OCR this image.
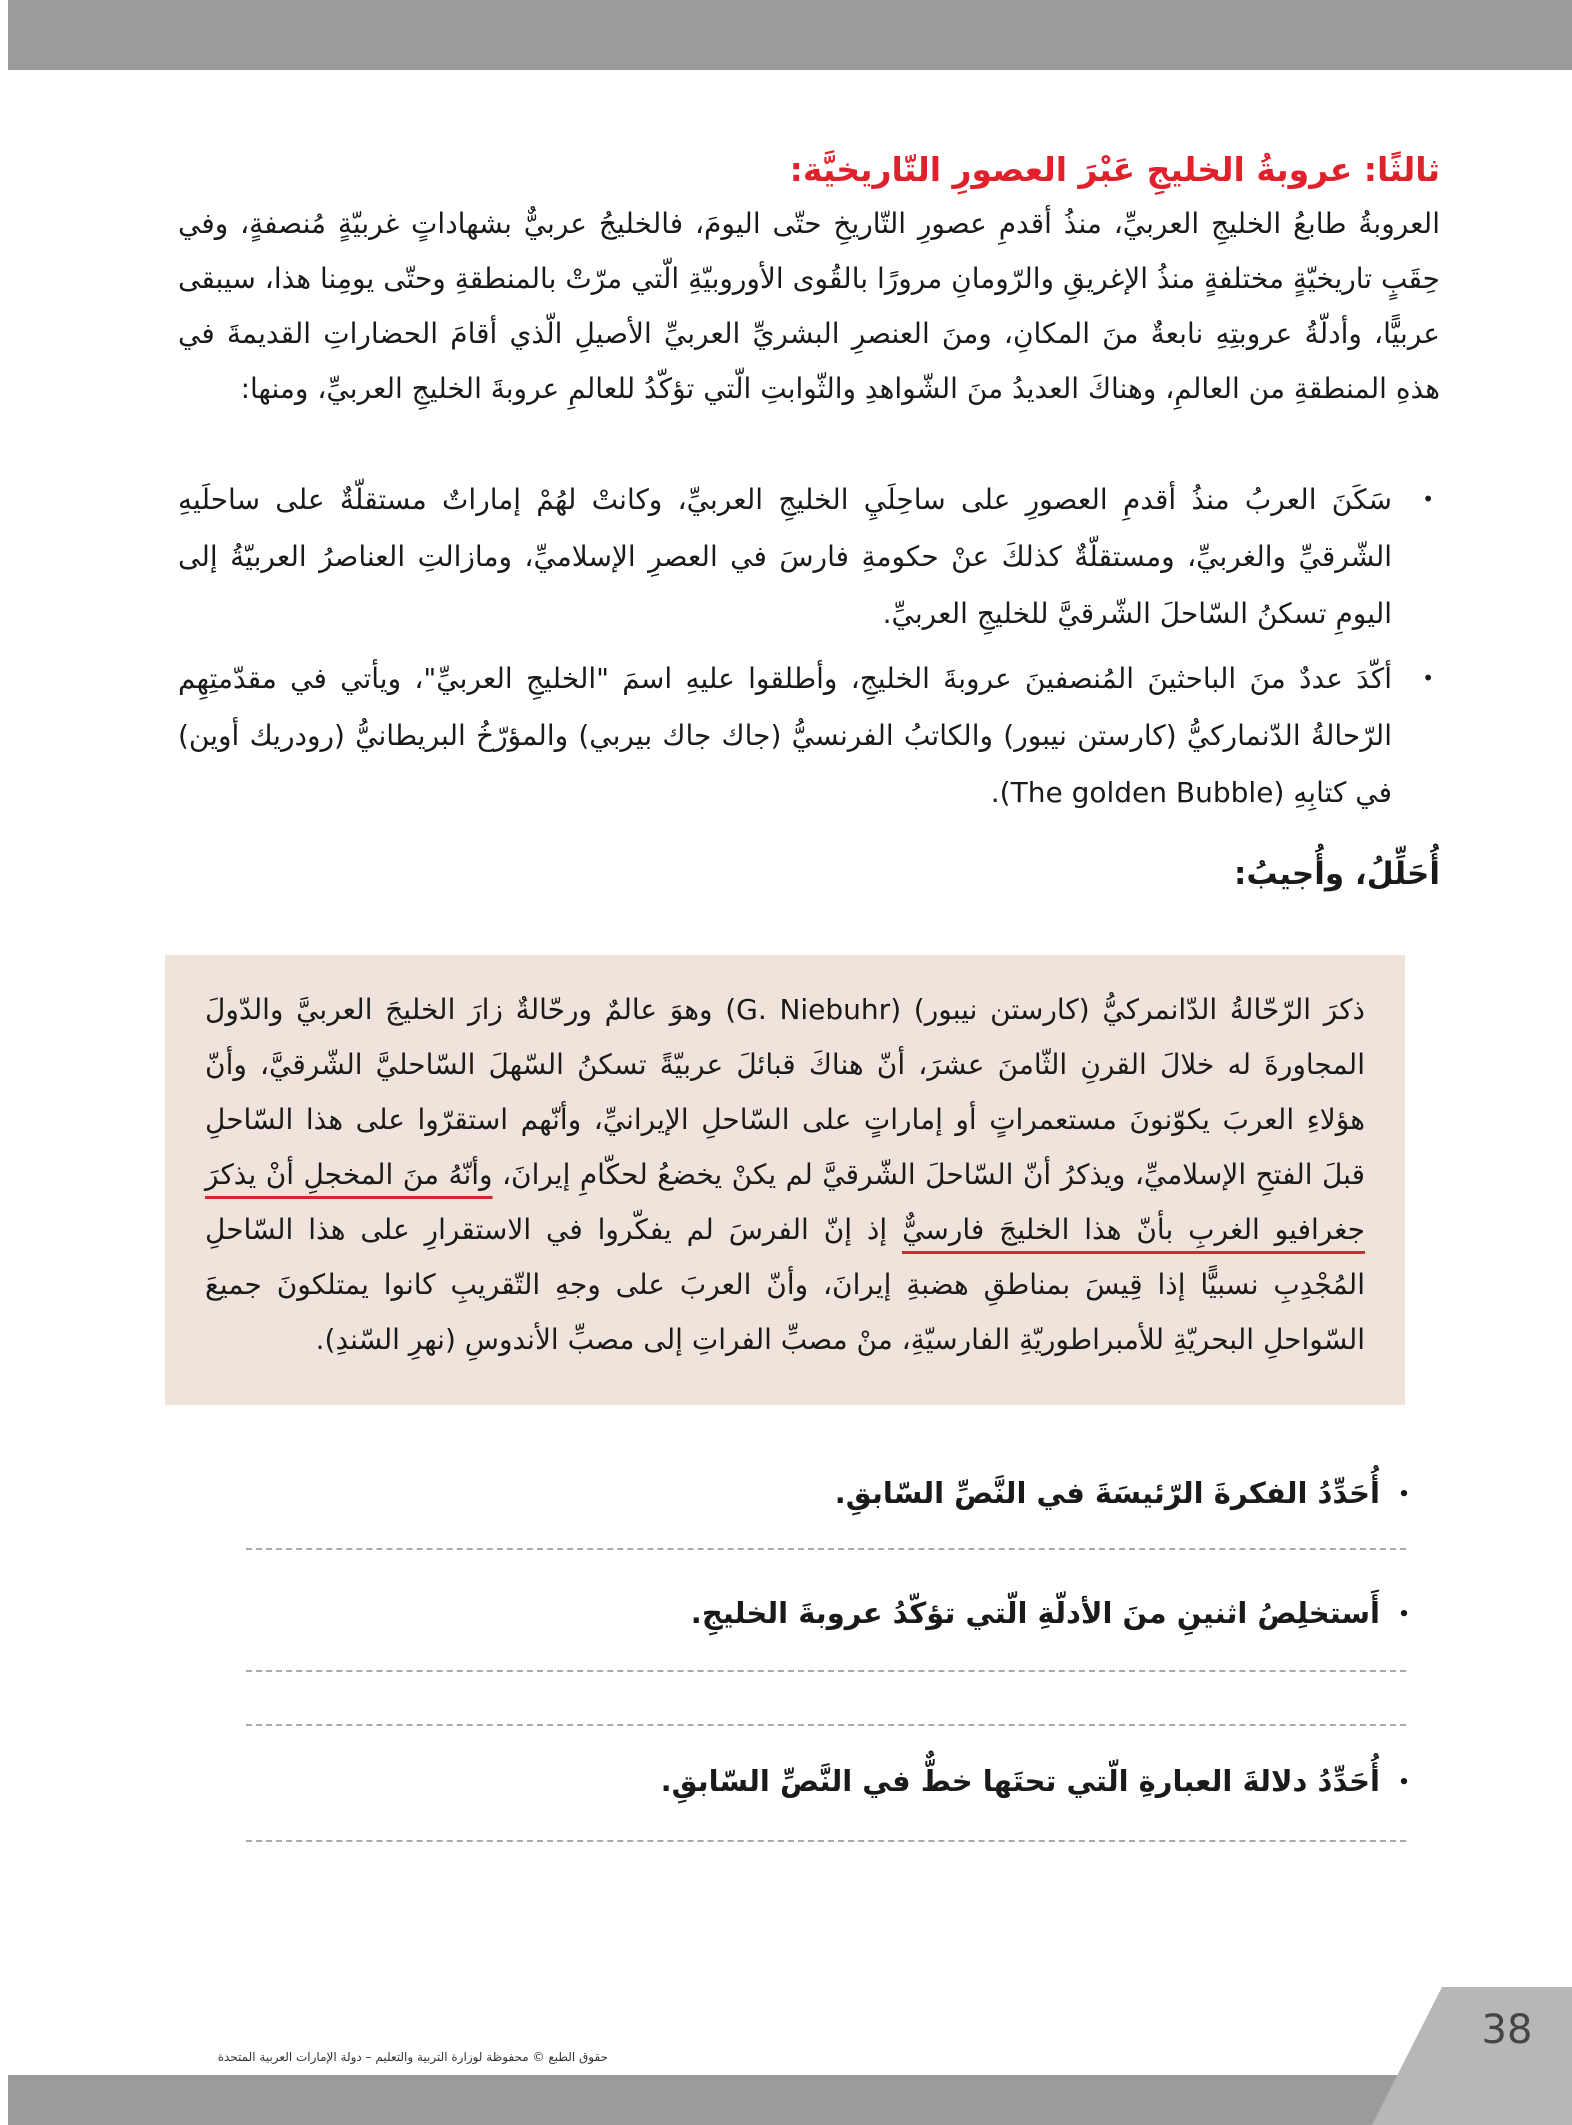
ثالثًا: عروبةُ الخليجِ عَبْرَ العصورِ التّاريخيَّة:
العروبةُ طابعُ الخليجِ العربيِّ، منذُ أقدمِ عصورِ التّاريخِ حتّى اليومَ، فالخليجُ عربيٌّ بشهاداتٍ غربيّةٍ مُنصفةٍ، وفي حِقَبٍ تاريخيّةٍ مختلفةٍ منذُ الإغريقِ والرّومانِ مرورًا بالقُوى الأوروبيّةِ الّتي مرّتْ بالمنطقةِ وحتّى يومِنا هذا، سيبقى عربيًّا، وأدلّةُ عروبتِهِ نابعةٌ منَ المكانِ، ومنَ العنصرِ البشريِّ العربيِّ الأصيلِ الّذي أقامَ الحضاراتِ القديمةَ في هذهِ المنطقةِ من العالمِ، وهناكَ العديدُ منَ الشّواهدِ والثّوابتِ الّتي تؤكّدُ للعالمِ عروبةَ الخليجِ العربيِّ، ومنها:
• سَكَنَ العربُ منذُ أقدمِ العصورِ على ساحِلَيِ الخليجِ العربيِّ، وكانتْ لهُمْ إماراتٌ مستقلّةٌ على ساحلَيهِ الشّرقيِّ والغربيِّ، ومستقلّةٌ كذلكَ عنْ حكومةِ فارسَ في العصرِ الإسلاميِّ، ومازالتِ العناصرُ العربيّةُ إلى اليومِ تسكنُ السّاحلَ الشّرقيَّ للخليجِ العربيِّ.
• أكّدَ عددٌ منَ الباحثينَ المُنصفينَ عروبةَ الخليجِ، وأطلقوا عليهِ اسمَ "الخليجِ العربيِّ"، ويأتي في مقدّمتِهِم الرّحالةُ الدّنماركيُّ (كارستن نيبور) والكاتبُ الفرنسيُّ (جاك جاك بيربي) والمؤرّخُ البريطانيُّ (رودريك أوين) في كتابِهِ (The golden Bubble).
أُحَلِّلُ، وأُجيبُ:
ذكرَ الرّحّالةُ الدّانمركيُّ (كارستن نيبور) (G. Niebuhr) وهوَ عالمٌ ورحّالةٌ زارَ الخليجَ العربيَّ والدّولَ المجاورةَ له خلالَ القرنِ الثّامنَ عشرَ، أنّ هناكَ قبائلَ عربيّةً تسكنُ السّهلَ السّاحليَّ الشّرقيَّ، وأنّ هؤلاءِ العربَ يكوّنونَ مستعمراتٍ أو إماراتٍ على السّاحلِ الإيرانيِّ، وأنّهم استقرّوا على هذا السّاحلِ قبلَ الفتحِ الإسلاميِّ، ويذكرُ أنّ السّاحلَ الشّرقيَّ لم يكنْ يخضعُ لحكّامِ إيرانَ، وأنّهُ منَ المخجلِ أنْ يذكرَ جغرافيو الغربِ بأنّ هذا الخليجَ فارسيٌّ إذ إنّ الفرسَ لم يفكّروا في الاستقرارِ على هذا السّاحلِ المُجْدِبِ نسبيًّا إذا قِيسَ بمناطقِ هضبةِ إيرانَ، وأنّ العربَ على وجهِ التّقريبِ كانوا يمتلكونَ جميعَ السّواحلِ البحريّةِ للأمبراطوريّةِ الفارسيّةِ، منْ مصبِّ الفراتِ إلى مصبِّ الأندوسِ (نهرِ السّندِ).
•أُحَدِّدُ الفكرةَ الرّئيسَةَ في النَّصِّ السّابقِ.
•أَستخلِصُ اثنينِ منَ الأدلّةِ الّتي تؤكّدُ عروبةَ الخليجِ.
•أُحَدِّدُ دلالةَ العبارةِ الّتي تحتَها خطٌّ في النَّصِّ السّابقِ.
38
حقوق الطبع © محفوظة لوزارة التربية والتعليم – دولة الإمارات العربية المتحدة
